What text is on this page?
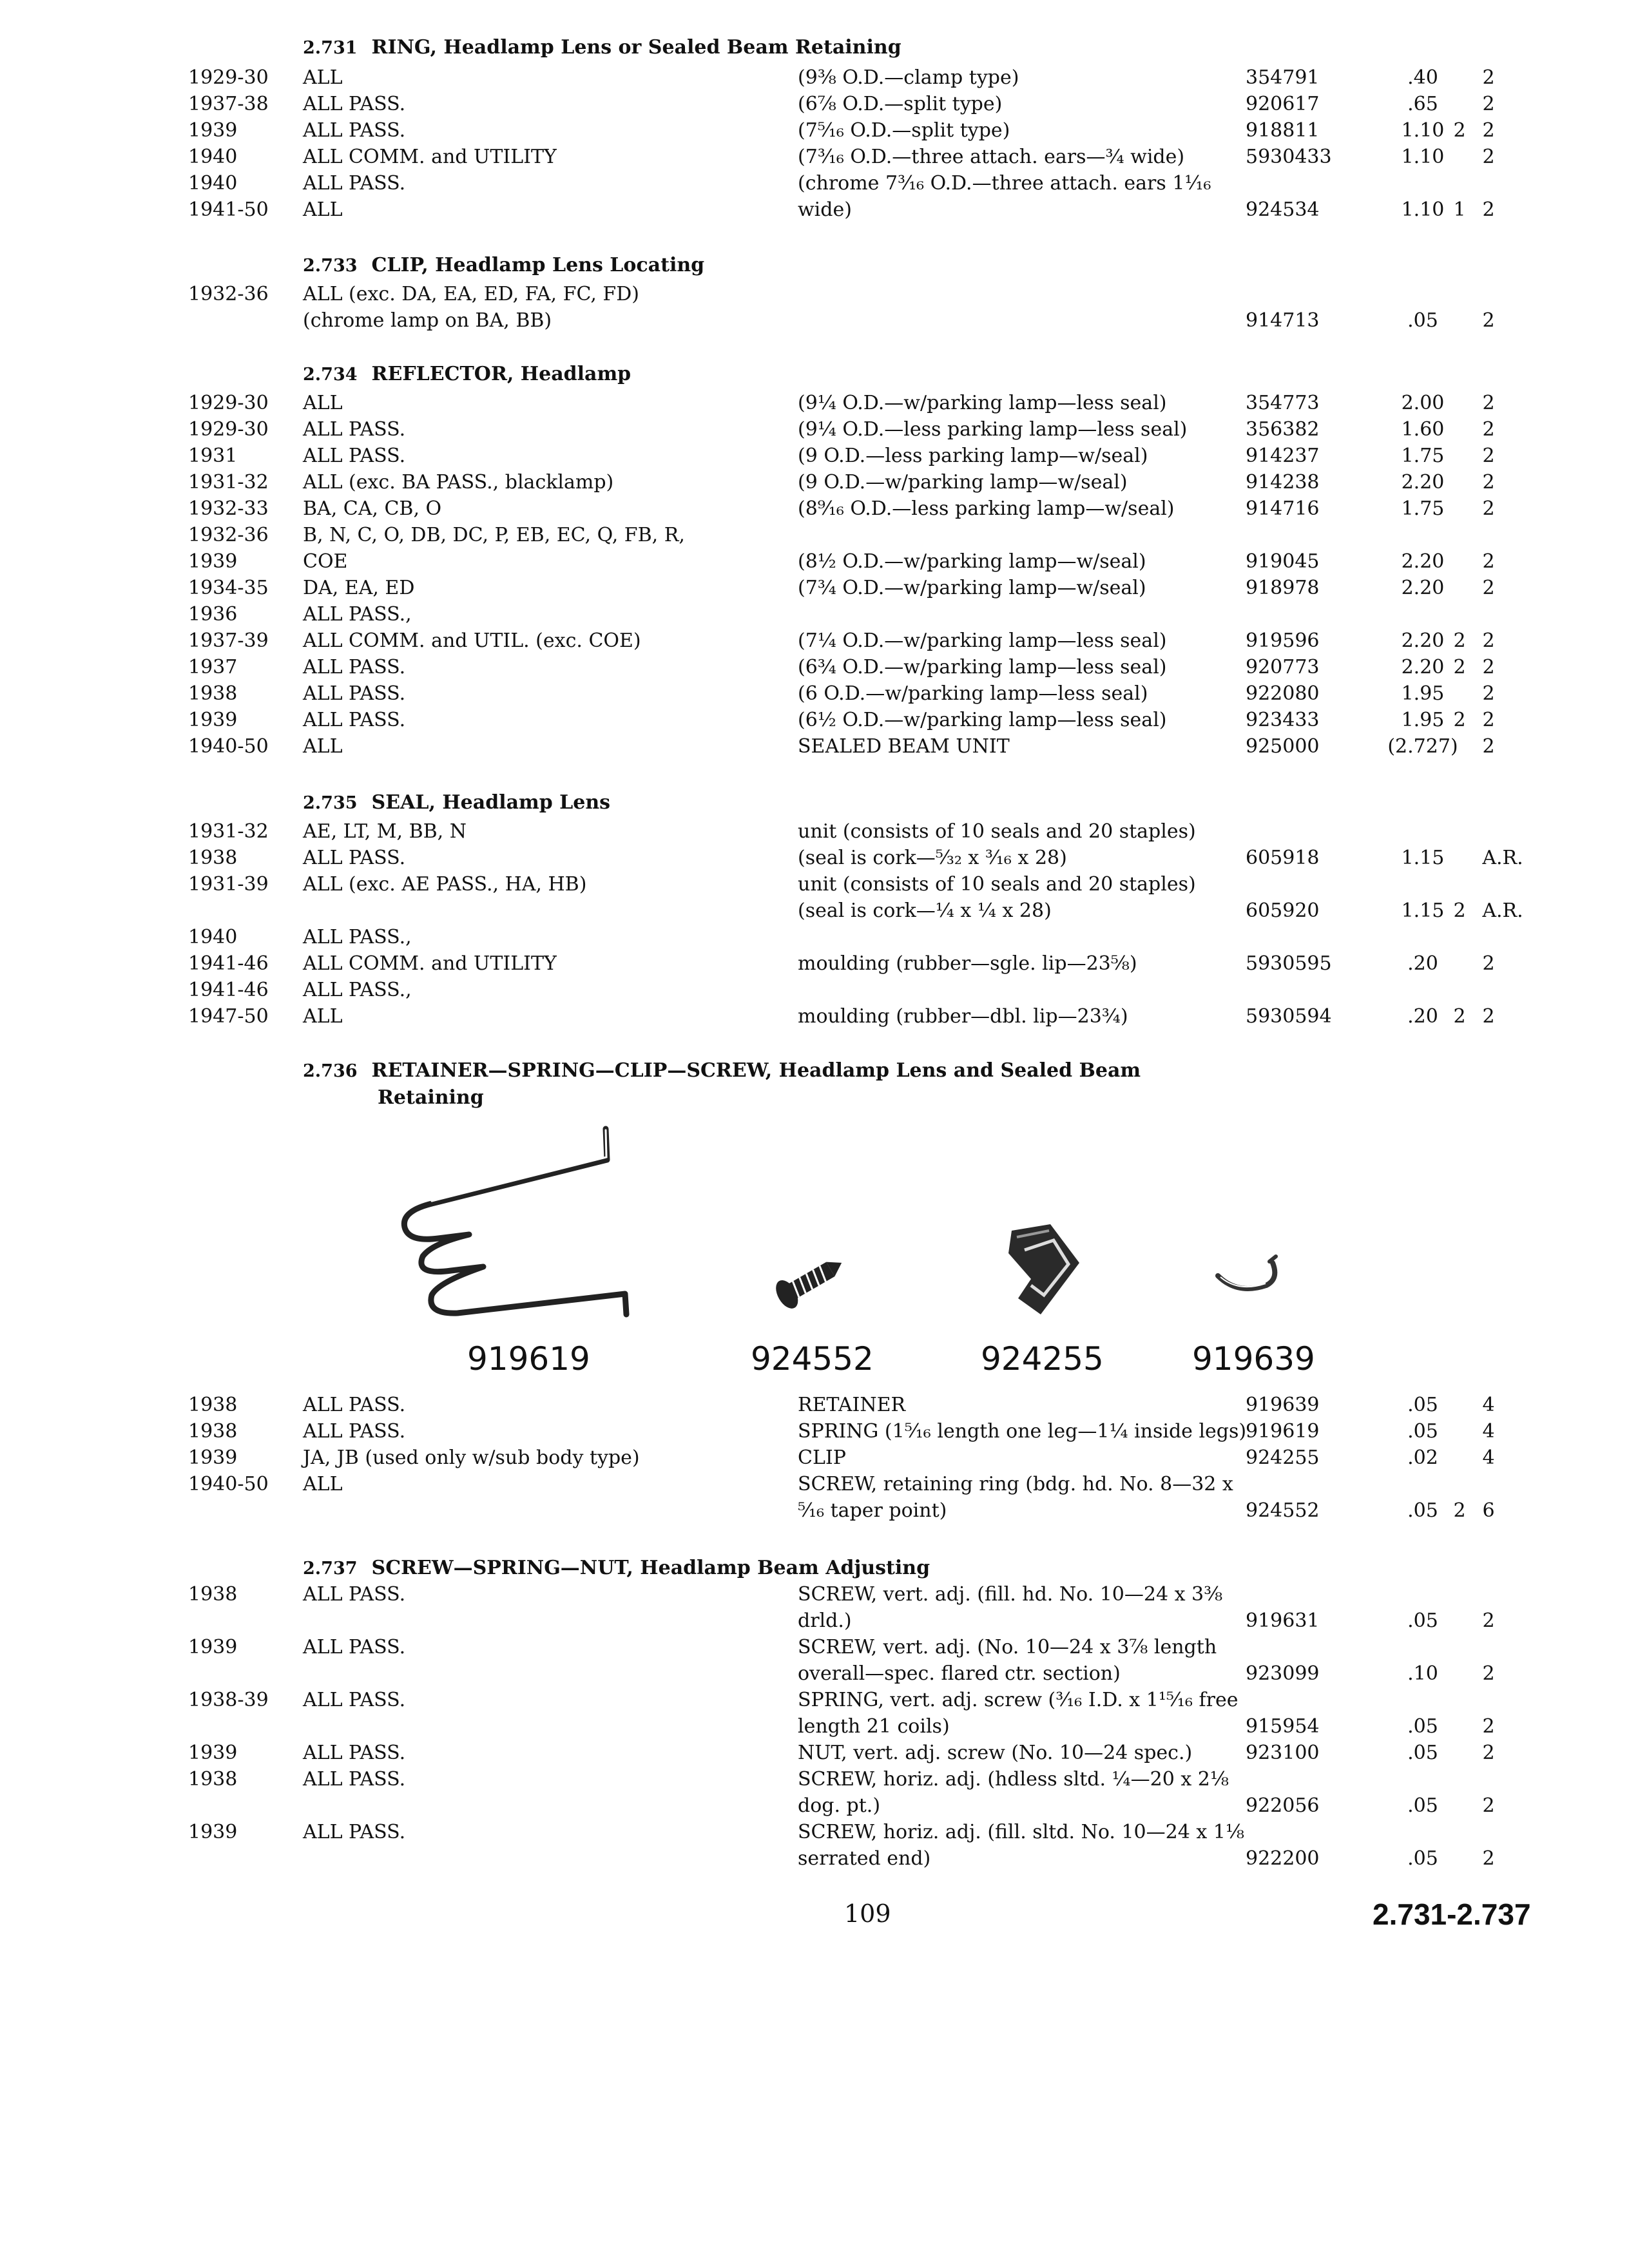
2.731 RING, Headlamp Lens or Sealed Beam Retaining
1929-30 ALL	(9⅜ O.D.—clamp type)	354791	.40	2
1937-38 ALL PASS.	(6⅞ O.D.—split type)	920617	.65	2
1939	ALL PASS.	(7⁵⁄₁₆ O.D.—split type)	918811	1.10 2 2
1940	ALL COMM. and UTILITY	(7³⁄₁₆ O.D.—three attach. ears—¾ wide)	5930433	1.10	2
1940	ALL PASS.	(chrome 7³⁄₁₆ O.D.—three attach. ears 1¹⁄₁₆
1941-50 ALL	wide)	924534	1.10 1 2
2.733 CLIP, Headlamp Lens Locating
1932-36 ALL (exc. DA, EA, ED, FA, FC, FD)
(chrome lamp on BA, BB)	914713	.05	2
2.734 REFLECTOR, Headlamp
1929-30 ALL	(9¼ O.D.—w/parking lamp—less seal)	354773	2.00	2
1929-30 ALL PASS.	(9¼ O.D.—less parking lamp—less seal)	356382	1.60	2
1931	ALL PASS.	(9 O.D.—less parking lamp—w/seal)	914237	1.75	2
1931-32 ALL (exc. BA PASS., blacklamp)	(9 O.D.—w/parking lamp—w/seal)	914238	2.20	2
1932-33 BA, CA, CB, O	(8⁹⁄₁₆ O.D.—less parking lamp—w/seal)	914716	1.75	2
1932-36 B, N, C, O, DB, DC, P, EB, EC, Q, FB, R,
1939	COE	(8½ O.D.—w/parking lamp—w/seal)	919045	2.20	2
1934-35 DA, EA, ED	(7¾ O.D.—w/parking lamp—w/seal)	918978	2.20	2
1936	ALL PASS.,
1937-39 ALL COMM. and UTIL. (exc. COE)	(7¼ O.D.—w/parking lamp—less seal)	919596	2.20 2 2
1937	ALL PASS.	(6¾ O.D.—w/parking lamp—less seal)	920773	2.20 2 2
1938	ALL PASS.	(6 O.D.—w/parking lamp—less seal)	922080	1.95	2
1939	ALL PASS.	(6½ O.D.—w/parking lamp—less seal)	923433	1.95 2 2
1940-50 ALL	SEALED BEAM UNIT	925000	(2.727)	2
2.735 SEAL, Headlamp Lens
1931-32 AE, LT, M, BB, N	unit (consists of 10 seals and 20 staples)
1938	ALL PASS.	(seal is cork—⁵⁄₃₂ x ³⁄₁₆ x 28)	605918	1.15	A.R.
1931-39 ALL (exc. AE PASS., HA, HB)	unit (consists of 10 seals and 20 staples)
(seal is cork—¼ x ¼ x 28)	605920	1.15 2 A.R.
1940	ALL PASS.,
1941-46 ALL COMM. and UTILITY	moulding (rubber—sgle. lip—23⅝)	5930595	.20	2
1941-46 ALL PASS.,
1947-50 ALL	moulding (rubber—dbl. lip—23¾)	5930594	.20 2 2
2.736 RETAINER—SPRING—CLIP—SCREW, Headlamp Lens and Sealed Beam
Retaining
919619	924552	924255	919639
1938	ALL PASS.	RETAINER	919639	.05	4
1938	ALL PASS.	SPRING (1⁵⁄₁₆ length one leg—1¼ inside legs)
919619	.05	4
1939	JA, JB (used only w/sub body type)	CLIP	924255	.02	4
1940-50 ALL	SCREW, retaining ring (bdg. hd. No. 8—32 x
⁵⁄₁₆ taper point)	924552	.05 2 6
2.737 SCREW—SPRING—NUT, Headlamp Beam Adjusting
1938	ALL PASS.	SCREW, vert. adj. (fill. hd. No. 10—24 x 3⅜
drld.)	919631	.05	2
1939	ALL PASS.	SCREW, vert. adj. (No. 10—24 x 3⅞ length
overall—spec. flared ctr. section)	923099	.10	2
1938-39 ALL PASS.	SPRING, vert. adj. screw (³⁄₁₆ I.D. x 1¹⁵⁄₁₆ free
length 21 coils)	915954	.05	2
1939	ALL PASS.	NUT, vert. adj. screw (No. 10—24 spec.)	923100	.05	2
1938	ALL PASS.	SCREW, horiz. adj. (hdless sltd. ¼—20 x 2⅛
dog. pt.)	922056	.05	2
1939	ALL PASS.	SCREW, horiz. adj. (fill. sltd. No. 10—24 x 1⅛
serrated end)	922200	.05	2
109	2.731-2.737
